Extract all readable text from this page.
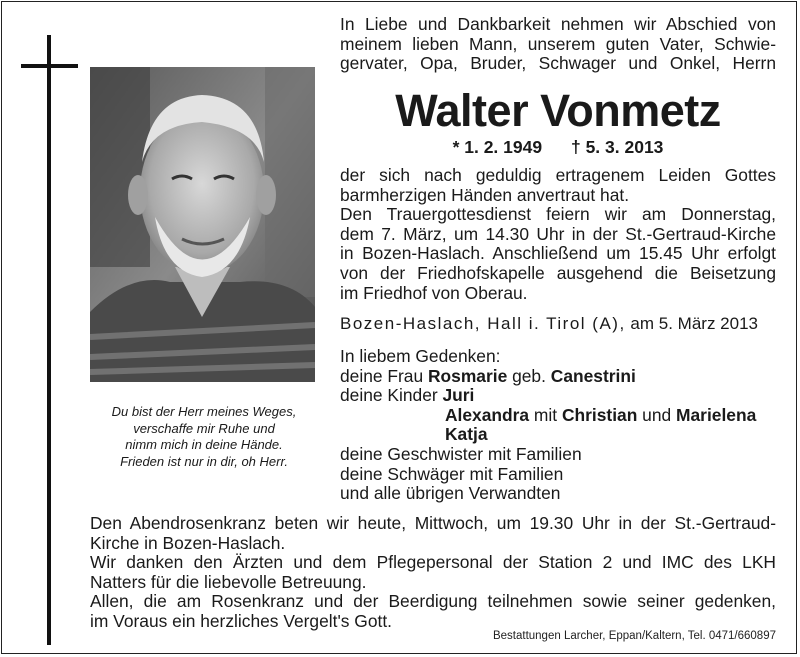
Du bist der Herr meines Weges,
verschaffe mir Ruhe und
nimm mich in deine Hände.
Frieden ist nur in dir, oh Herr.
In Liebe und Dankbarkeit nehmen wir Abschied von
meinem lieben Mann, unserem guten Vater, Schwie-
gervater, Opa, Bruder, Schwager und Onkel, Herrn
Walter Vonmetz
* 1. 2. 1949 † 5. 3. 2013
der sich nach geduldig ertragenem Leiden Gottes
barmherzigen Händen anvertraut hat.
Den Trauergottesdienst feiern wir am Donnerstag,
dem 7. März, um 14.30 Uhr in der St.-Gertraud-Kirche
in Bozen-Haslach. Anschließend um 15.45 Uhr erfolgt
von der Friedhofskapelle ausgehend die Beisetzung
im Friedhof von Oberau.
Bozen-Haslach, Hall i. Tirol (A), am 5. März 2013
In liebem Gedenken:
deine Frau Rosmarie geb. Canestrini
deine Kinder Juri
Alexandra mit Christian und Marielena
Katja
deine Geschwister mit Familien
deine Schwäger mit Familien
und alle übrigen Verwandten
Den Abendrosenkranz beten wir heute, Mittwoch, um 19.30 Uhr in der St.-Gertraud-
Kirche in Bozen-Haslach.
Wir danken den Ärzten und dem Pflegepersonal der Station 2 und IMC des LKH
Natters für die liebevolle Betreuung.
Allen, die am Rosenkranz und der Beerdigung teilnehmen sowie seiner gedenken,
im Voraus ein herzliches Vergelt's Gott.
Bestattungen Larcher, Eppan/Kaltern, Tel. 0471/660897
